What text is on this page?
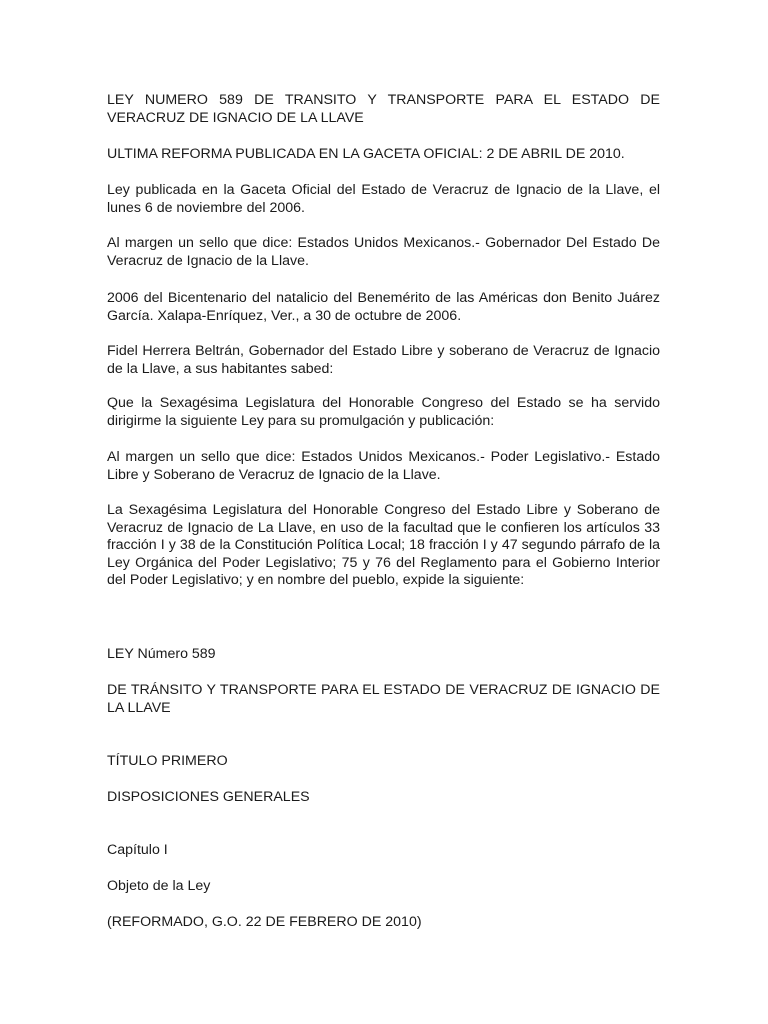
LEY NUMERO 589 DE TRANSITO Y TRANSPORTE PARA EL ESTADO DE VERACRUZ DE IGNACIO DE LA LLAVE

ULTIMA REFORMA PUBLICADA EN LA GACETA OFICIAL: 2 DE ABRIL DE 2010.

Ley publicada en la Gaceta Oficial del Estado de Veracruz de Ignacio de la Llave, el lunes 6 de noviembre del 2006.

Al margen un sello que dice: Estados Unidos Mexicanos.- Gobernador Del Estado De Veracruz de Ignacio de la Llave.

2006 del Bicentenario del natalicio del Benemérito de las Américas don Benito Juárez García. Xalapa-Enríquez, Ver., a 30 de octubre de 2006.

Fidel Herrera Beltrán, Gobernador del Estado Libre y soberano de Veracruz de Ignacio de la Llave, a sus habitantes sabed:

Que la Sexagésima Legislatura del Honorable Congreso del Estado se ha servido dirigirme la siguiente Ley para su promulgación y publicación:

Al margen un sello que dice: Estados Unidos Mexicanos.- Poder Legislativo.- Estado Libre y Soberano de Veracruz de Ignacio de la Llave.

La Sexagésima Legislatura del Honorable Congreso del Estado Libre y Soberano de Veracruz de Ignacio de La Llave, en uso de la facultad que le confieren los artículos 33 fracción I y 38 de la Constitución Política Local; 18 fracción I y 47 segundo párrafo de la Ley Orgánica del Poder Legislativo; 75 y 76 del Reglamento para el Gobierno Interior del Poder Legislativo; y en nombre del pueblo, expide la siguiente:

LEY Número 589

DE TRÁNSITO Y TRANSPORTE PARA EL ESTADO DE VERACRUZ DE IGNACIO DE LA LLAVE

TÍTULO PRIMERO

DISPOSICIONES GENERALES

Capítulo I

Objeto de la Ley

(REFORMADO, G.O. 22 DE FEBRERO DE 2010)
